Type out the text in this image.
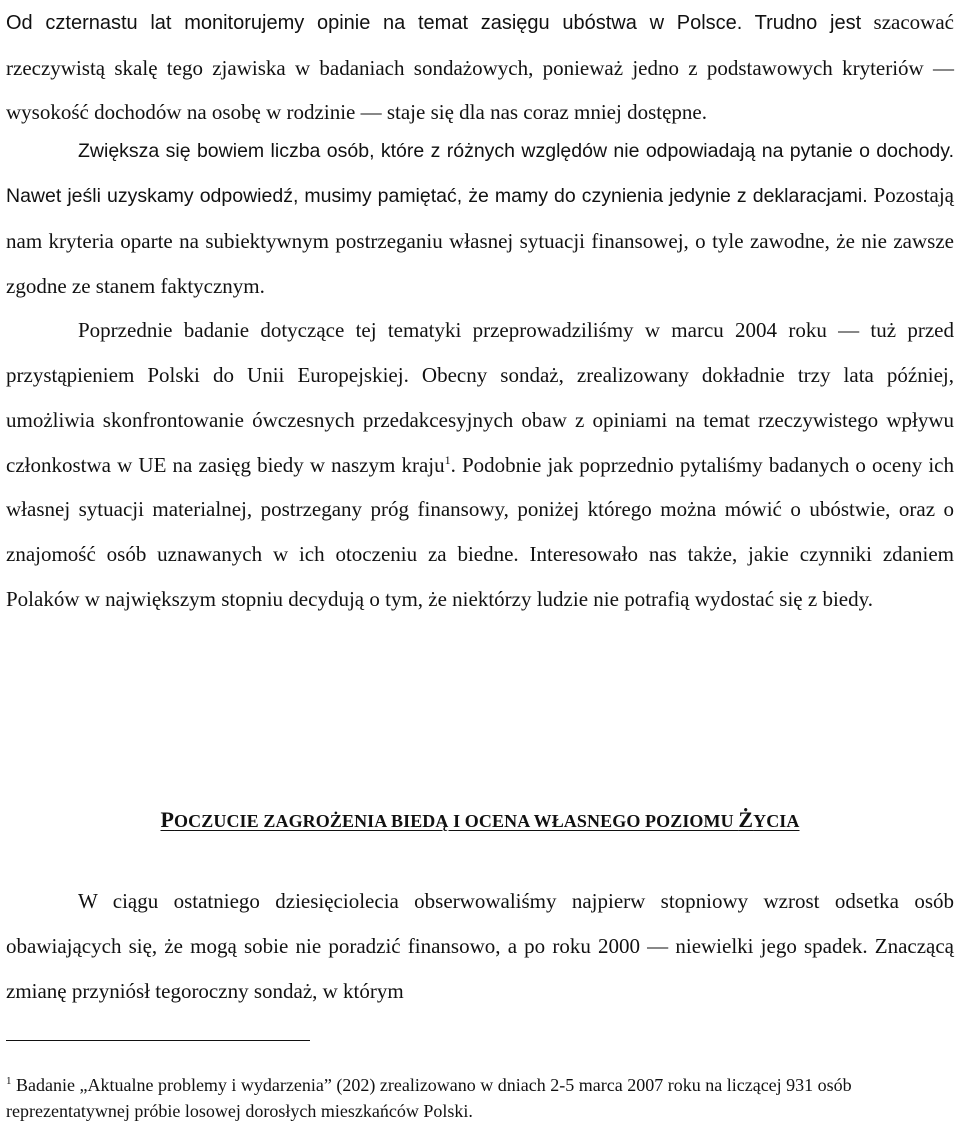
Od czternastu lat monitorujemy opinie na temat zasięgu ubóstwa w Polsce. Trudno jest szacować rzeczywistą skalę tego zjawiska w badaniach sondażowych, ponieważ jedno z podstawowych kryteriów — wysokość dochodów na osobę w rodzinie — staje się dla nas coraz mniej dostępne.

Zwiększa się bowiem liczba osób, które z różnych względów nie odpowiadają na pytanie o dochody. Nawet jeśli uzyskamy odpowiedź, musimy pamiętać, że mamy do czynienia jedynie z deklaracjami. Pozostają nam kryteria oparte na subiektywnym postrzeganiu własnej sytuacji finansowej, o tyle zawodne, że nie zawsze zgodne ze stanem faktycznym.

Poprzednie badanie dotyczące tej tematyki przeprowadziliśmy w marcu 2004 roku — tuż przed przystąpieniem Polski do Unii Europejskiej. Obecny sondaż, zrealizowany dokładnie trzy lata później, umożliwia skonfrontowanie ówczesnych przedakcesyjnych obaw z opiniami na temat rzeczywistego wpływu członkostwa w UE na zasięg biedy w naszym kraju$^1$. Podobnie jak poprzednio pytaliśmy badanych o oceny ich własnej sytuacji materialnej, postrzegany próg finansowy, poniżej którego można mówić o ubóstwie, oraz o znajomość osób uznawanych w ich otoczeniu za biedne. Interesowało nas także, jakie czynniki zdaniem Polaków w największym stopniu decydują o tym, że niektórzy ludzie nie potrafią wydostać się z biedy.

POCZUCIE ZAGROŻENIA BIEDĄ I OCENA WŁASNEGO POZIOMU ŻYCIA

W ciągu ostatniego dziesięciolecia obserwowaliśmy najpierw stopniowy wzrost odsetka osób obawiających się, że mogą sobie nie poradzić finansowo, a po roku 2000 — niewielki jego spadek. Znaczącą zmianę przyniósł tegoroczny sondaż, w którym

$^1$ Badanie „Aktualne problemy i wydarzenia” (202) zrealizowano w dniach 2-5 marca 2007 roku na liczącej 931 osób reprezentatywnej próbie losowej dorosłych mieszkańców Polski.
